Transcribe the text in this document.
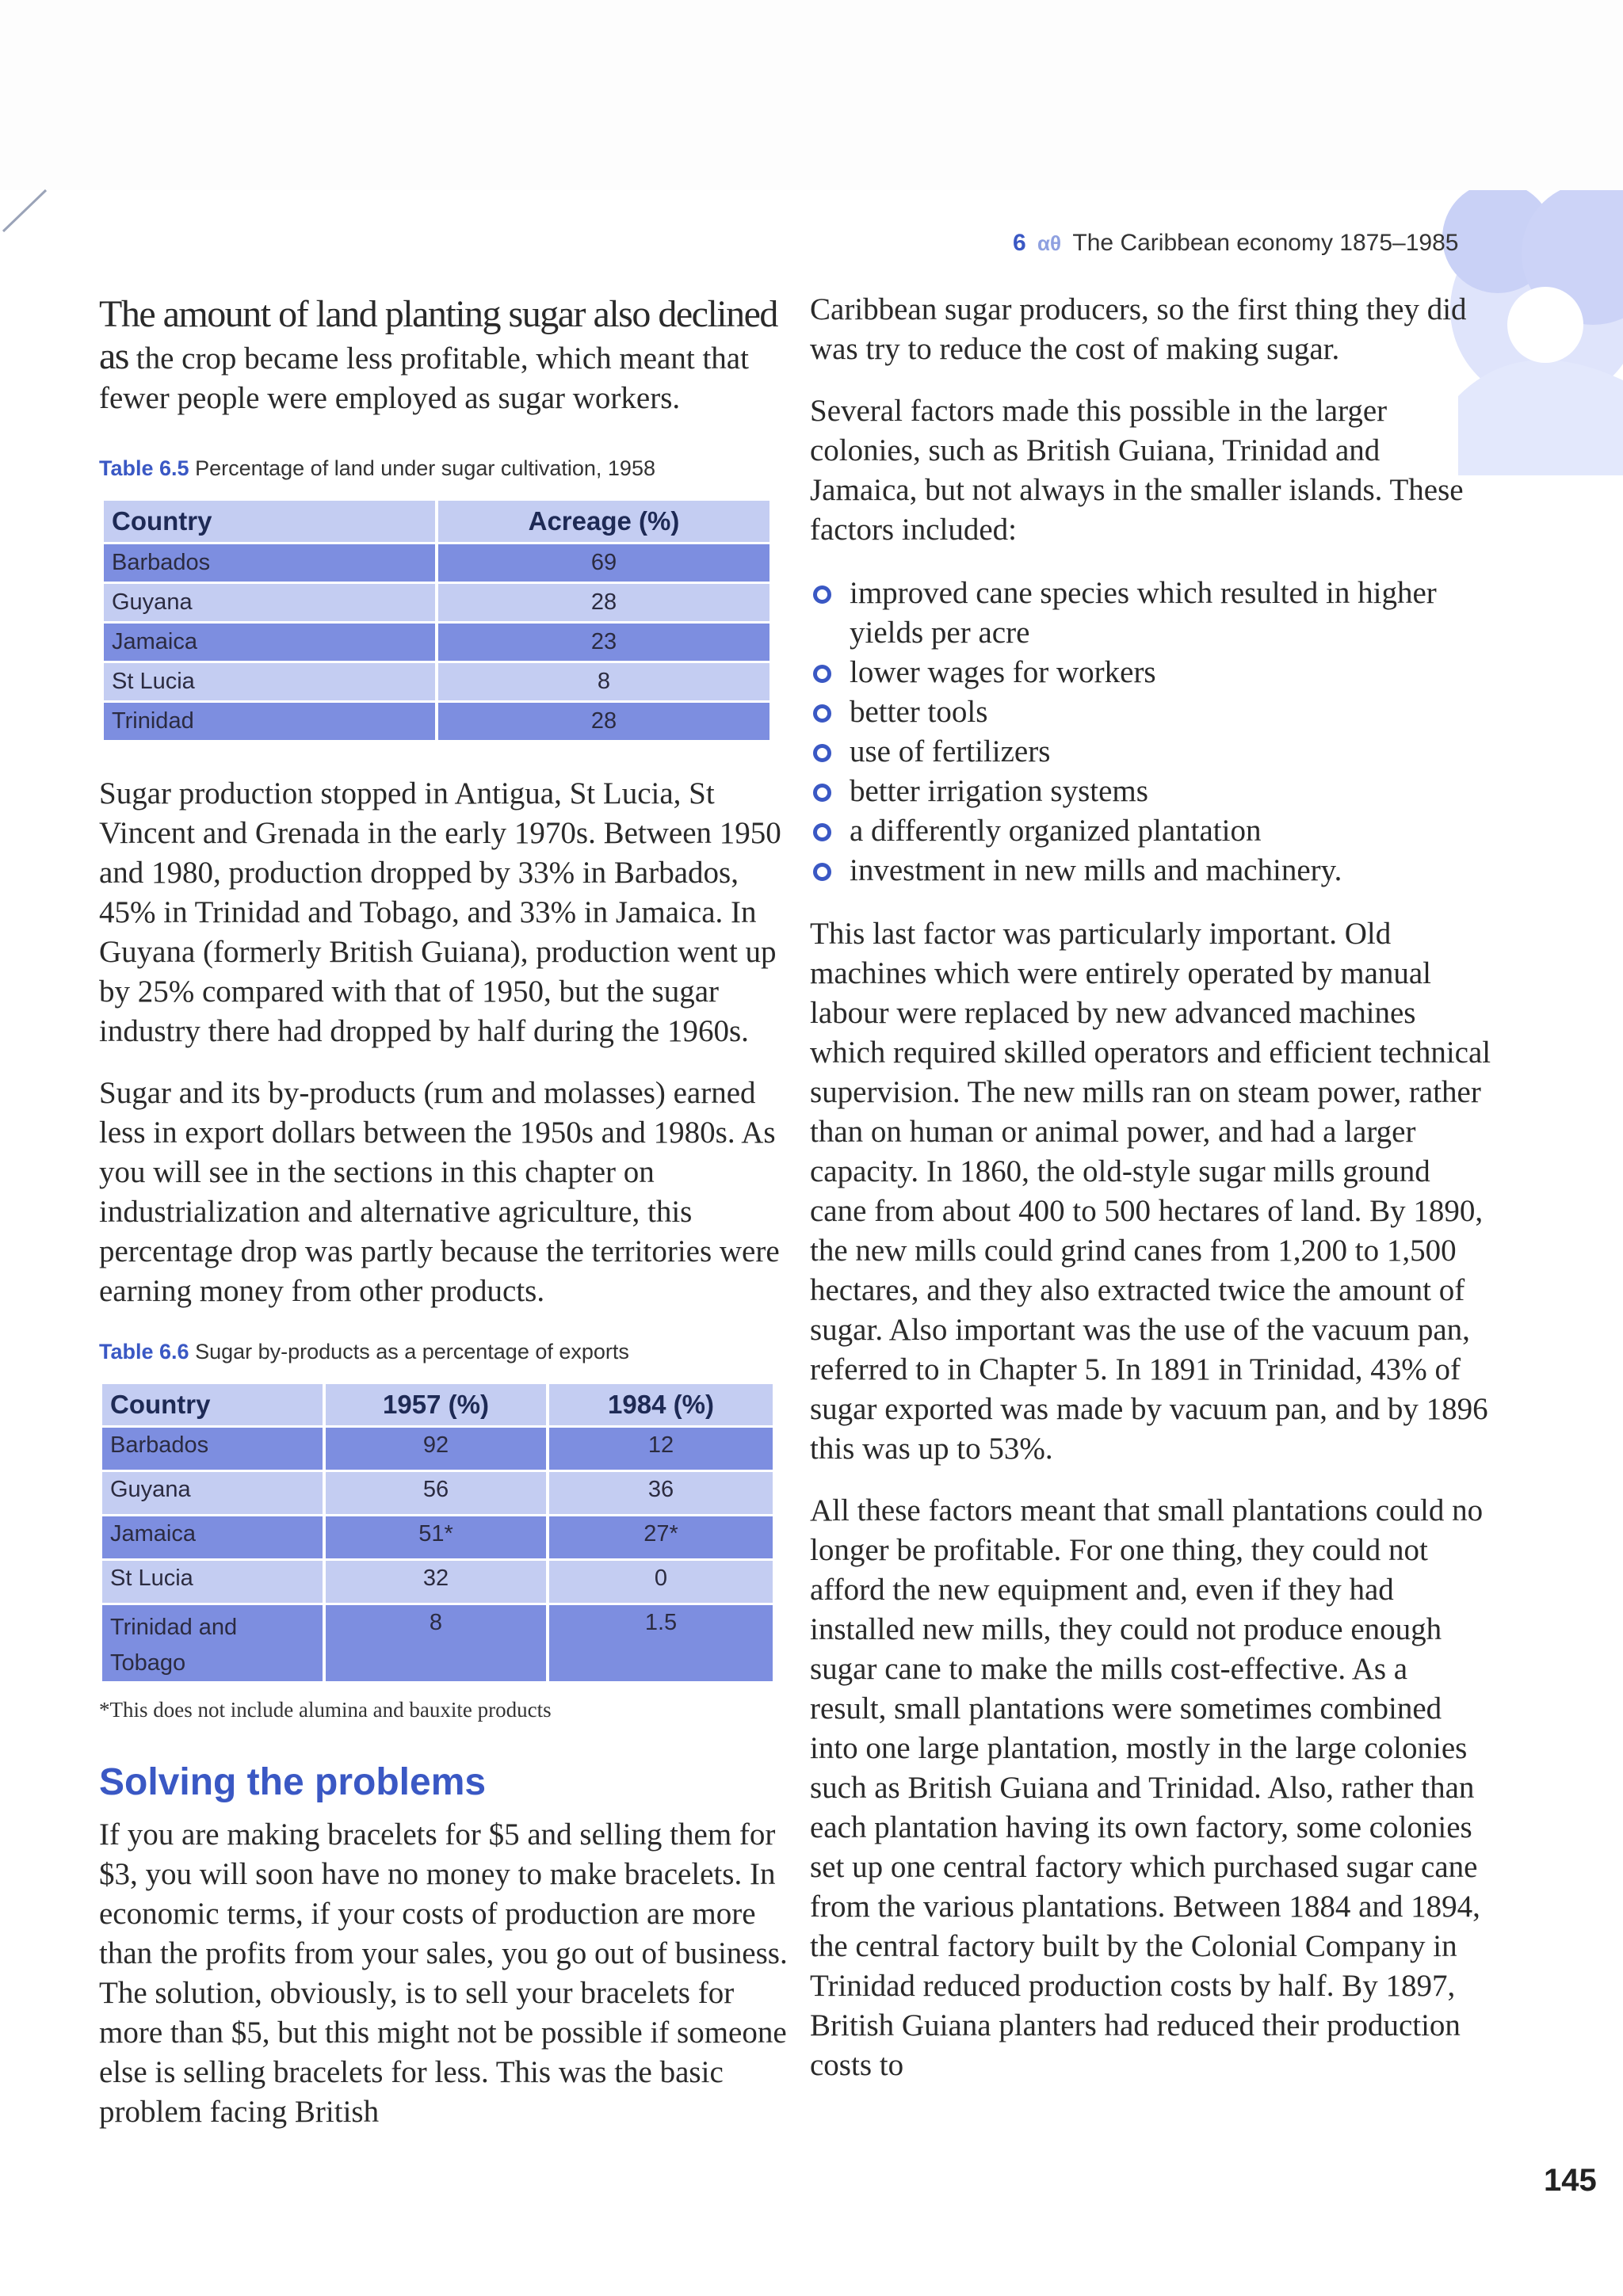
6 αθ The Caribbean economy 1875–1985

The amount of land planting sugar also declined as the crop became less profitable, which meant that fewer people were employed as sugar workers.

Table 6.5 Percentage of land under sugar cultivation, 1958
Country	Acreage (%)
Barbados	69
Guyana	28
Jamaica	23
St Lucia	8
Trinidad	28

Sugar production stopped in Antigua, St Lucia, St Vincent and Grenada in the early 1970s. Between 1950 and 1980, production dropped by 33% in Barbados, 45% in Trinidad and Tobago, and 33% in Jamaica. In Guyana (formerly British Guiana), production went up by 25% compared with that of 1950, but the sugar industry there had dropped by half during the 1960s.

Sugar and its by-products (rum and molasses) earned less in export dollars between the 1950s and 1980s. As you will see in the sections in this chapter on industrialization and alternative agriculture, this percentage drop was partly because the territories were earning money from other products.

Table 6.6 Sugar by-products as a percentage of exports
Country	1957 (%)	1984 (%)
Barbados	92	12
Guyana	56	36
Jamaica	51*	27*
St Lucia	32	0
Trinidad and Tobago	8	1.5
*This does not include alumina and bauxite products
Solving the problems

If you are making bracelets for $5 and selling them for $3, you will soon have no money to make bracelets. In economic terms, if your costs of production are more than the profits from your sales, you go out of business. The solution, obviously, is to sell your bracelets for more than $5, but this might not be possible if someone else is selling bracelets for less. This was the basic problem facing British

Caribbean sugar producers, so the first thing they did was try to reduce the cost of making sugar.

Several factors made this possible in the larger colonies, such as British Guiana, Trinidad and Jamaica, but not always in the smaller islands. These factors included:

improved cane species which resulted in higher yields per acre
lower wages for workers
better tools
use of fertilizers
better irrigation systems
a differently organized plantation
investment in new mills and machinery.

This last factor was particularly important. Old machines which were entirely operated by manual labour were replaced by new advanced machines which required skilled operators and efficient technical supervision. The new mills ran on steam power, rather than on human or animal power, and had a larger capacity. In 1860, the old-style sugar mills ground cane from about 400 to 500 hectares of land. By 1890, the new mills could grind canes from 1,200 to 1,500 hectares, and they also extracted twice the amount of sugar. Also important was the use of the vacuum pan, referred to in Chapter 5. In 1891 in Trinidad, 43% of sugar exported was made by vacuum pan, and by 1896 this was up to 53%.

All these factors meant that small plantations could no longer be profitable. For one thing, they could not afford the new equipment and, even if they had installed new mills, they could not produce enough sugar cane to make the mills cost-effective. As a result, small plantations were sometimes combined into one large plantation, mostly in the large colonies such as British Guiana and Trinidad. Also, rather than each plantation having its own factory, some colonies set up one central factory which purchased sugar cane from the various plantations. Between 1884 and 1894, the central factory built by the Colonial Company in Trinidad reduced production costs by half. By 1897, British Guiana planters had reduced their production costs to

145
